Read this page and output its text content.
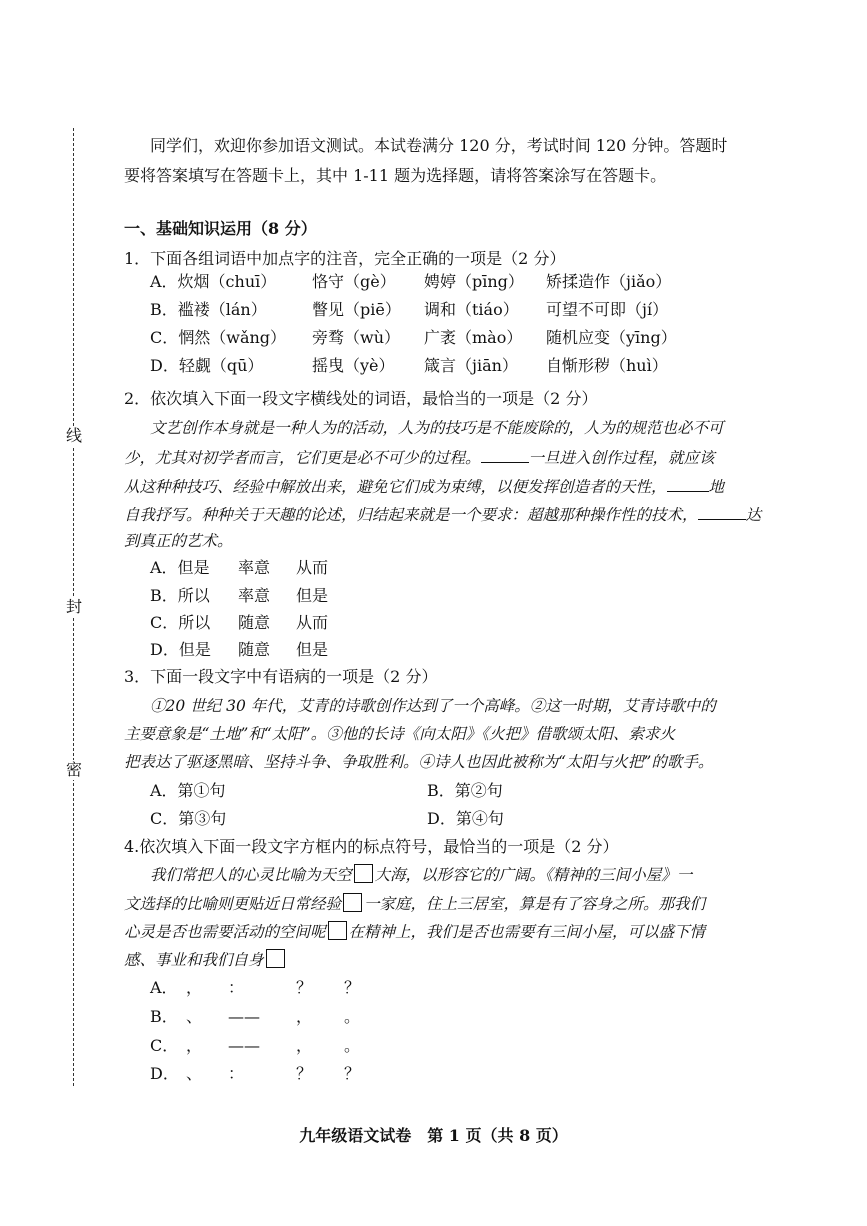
线
封
密
同学们，欢迎你参加语文测试。本试卷满分 120 分，考试时间 120 分钟。答题时
要将答案填写在答题卡上，其中 1-11 题为选择题，请将答案涂写在答题卡。
一、基础知识运用（8 分）
1．下面各组词语中加点字的注音，完全正确的一项是（2 分）
A．炊烟（chuī） 恪守（gè） 娉婷（pīng） 矫揉造作（jiǎo）
B．褴褛（lán）	瞥见（piē） 调和（tiáo） 可望不可即（jí）
C．惘然（wǎng） 旁骛（wù） 广袤（mào） 随机应变（yīng）
D．轻觑（qū）	摇曳（yè） 箴言（jiān） 自惭形秽（huì）
2．依次填入下面一段文字横线处的词语，最恰当的一项是（2 分）
文艺创作本身就是一种人为的活动，人为的技巧是不能废除的，人为的规范也必不可
少，尤其对初学者而言，它们更是必不可少的过程。	一旦进入创作过程，就应该
从这种种技巧、经验中解放出来，避免它们成为束缚，以便发挥创造者的天性，	地
自我抒写。种种关于天趣的论述，归结起来就是一个要求：超越那种操作性的技术，	达
到真正的艺术。
A．但是 率意 从而
B．所以 率意 但是
C．所以 随意 从而
D．但是 随意 但是
3．下面一段文字中有语病的一项是（2 分）
①20 世纪 30 年代，艾青的诗歌创作达到了一个高峰。②这一时期，艾青诗歌中的
主要意象是“土地”和“太阳”。③他的长诗《向太阳》《火把》借歌颂太阳、索求火
把表达了驱逐黑暗、坚持斗争、争取胜利。④诗人也因此被称为“太阳与火把”的歌手。
A．第①句	B．第②句
C．第③句	D．第④句
4.依次填入下面一段文字方框内的标点符号，最恰当的一项是（2 分）
我们常把人的心灵比喻为天空 大海，以形容它的广阔。《精神的三间小屋》一
文选择的比喻则更贴近日常经验 一家庭，住上三居室，算是有了容身之所。那我们
心灵是否也需要活动的空间呢 在精神上，我们是否也需要有三间小屋，可以盛下情
感、事业和我们自身
A． ， ：	？ ？
B． 、 —— ， 。
C． ， —— ， 。
D． 、 ：	？ ？
九年级语文试卷　第 1 页（共 8 页）
